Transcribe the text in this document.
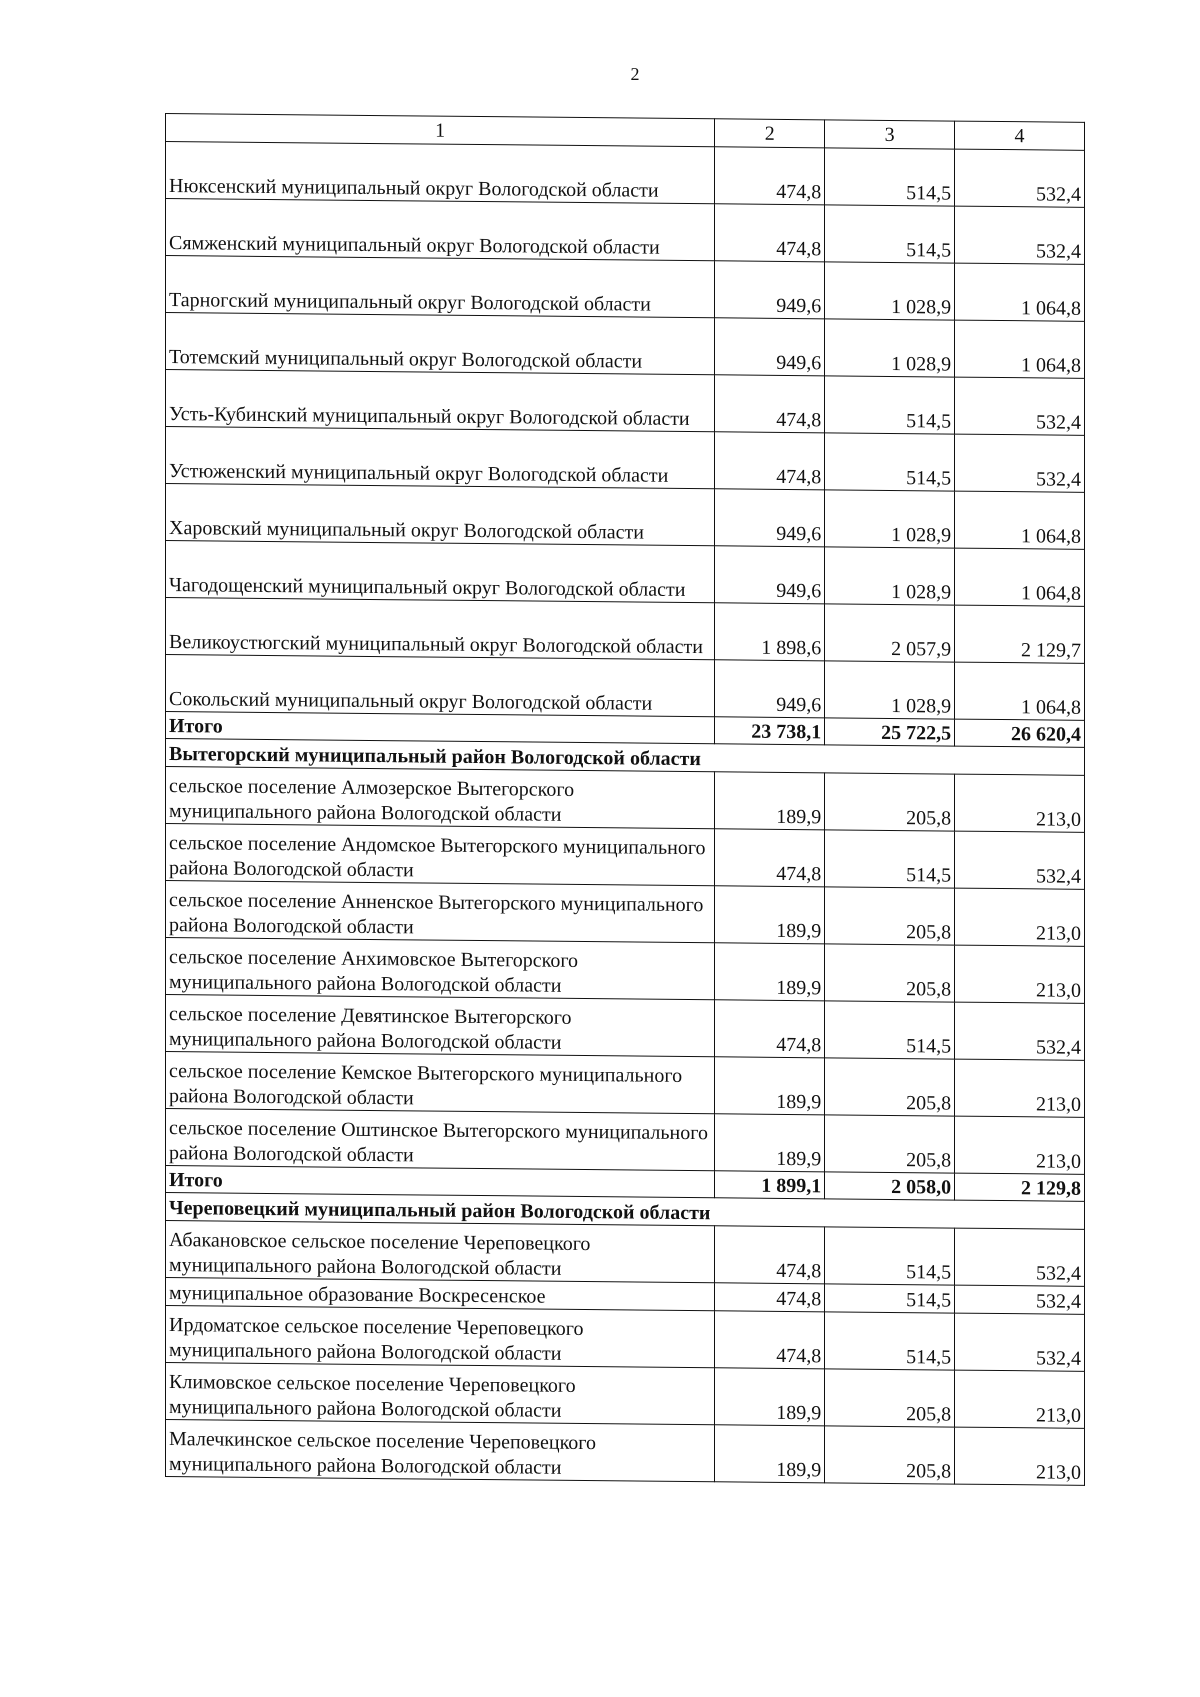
2
1	2	3	4
Нюксенский муниципальный округ Вологодской области	474,8	514,5	532,4
Сямженский муниципальный округ Вологодской области	474,8	514,5	532,4
Тарногский муниципальный округ Вологодской области	949,6	1 028,9	1 064,8
Тотемский муниципальный округ Вологодской области	949,6	1 028,9	1 064,8
Усть-Кубинский муниципальный округ Вологодской области	474,8	514,5	532,4
Устюженский муниципальный округ Вологодской области	474,8	514,5	532,4
Харовский муниципальный округ Вологодской области	949,6	1 028,9	1 064,8
Чагодощенский муниципальный округ Вологодской области	949,6	1 028,9	1 064,8
Великоустюгский муниципальный округ Вологодской области	1 898,6	2 057,9	2 129,7
Сокольский муниципальный округ Вологодской области	949,6	1 028,9	1 064,8
Итого	23 738,1	25 722,5	26 620,4
Вытегорский муниципальный район Вологодской области			
сельское поселение Алмозерское Вытегорского муниципального района Вологодской области	189,9	205,8	213,0
сельское поселение Андомское Вытегорского муниципального района Вологодской области	474,8	514,5	532,4
сельское поселение Анненское Вытегорского муниципального района Вологодской области	189,9	205,8	213,0
сельское поселение Анхимовское Вытегорского муниципального района Вологодской области	189,9	205,8	213,0
сельское поселение Девятинское Вытегорского муниципального района Вологодской области	474,8	514,5	532,4
сельское поселение Кемское Вытегорского муниципального района Вологодской области	189,9	205,8	213,0
сельское поселение Оштинское Вытегорского муниципального района Вологодской области	189,9	205,8	213,0
Итого	1 899,1	2 058,0	2 129,8
Череповецкий муниципальный район Вологодской области			
Абакановское сельское поселение Череповецкого муниципального района Вологодской области	474,8	514,5	532,4
муниципальное образование Воскресенское	474,8	514,5	532,4
Ирдоматское сельское поселение Череповецкого муниципального района Вологодской области	474,8	514,5	532,4
Климовское сельское поселение Череповецкого муниципального района Вологодской области	189,9	205,8	213,0
Малечкинское сельское поселение Череповецкого муниципального района Вологодской области	189,9	205,8	213,0
